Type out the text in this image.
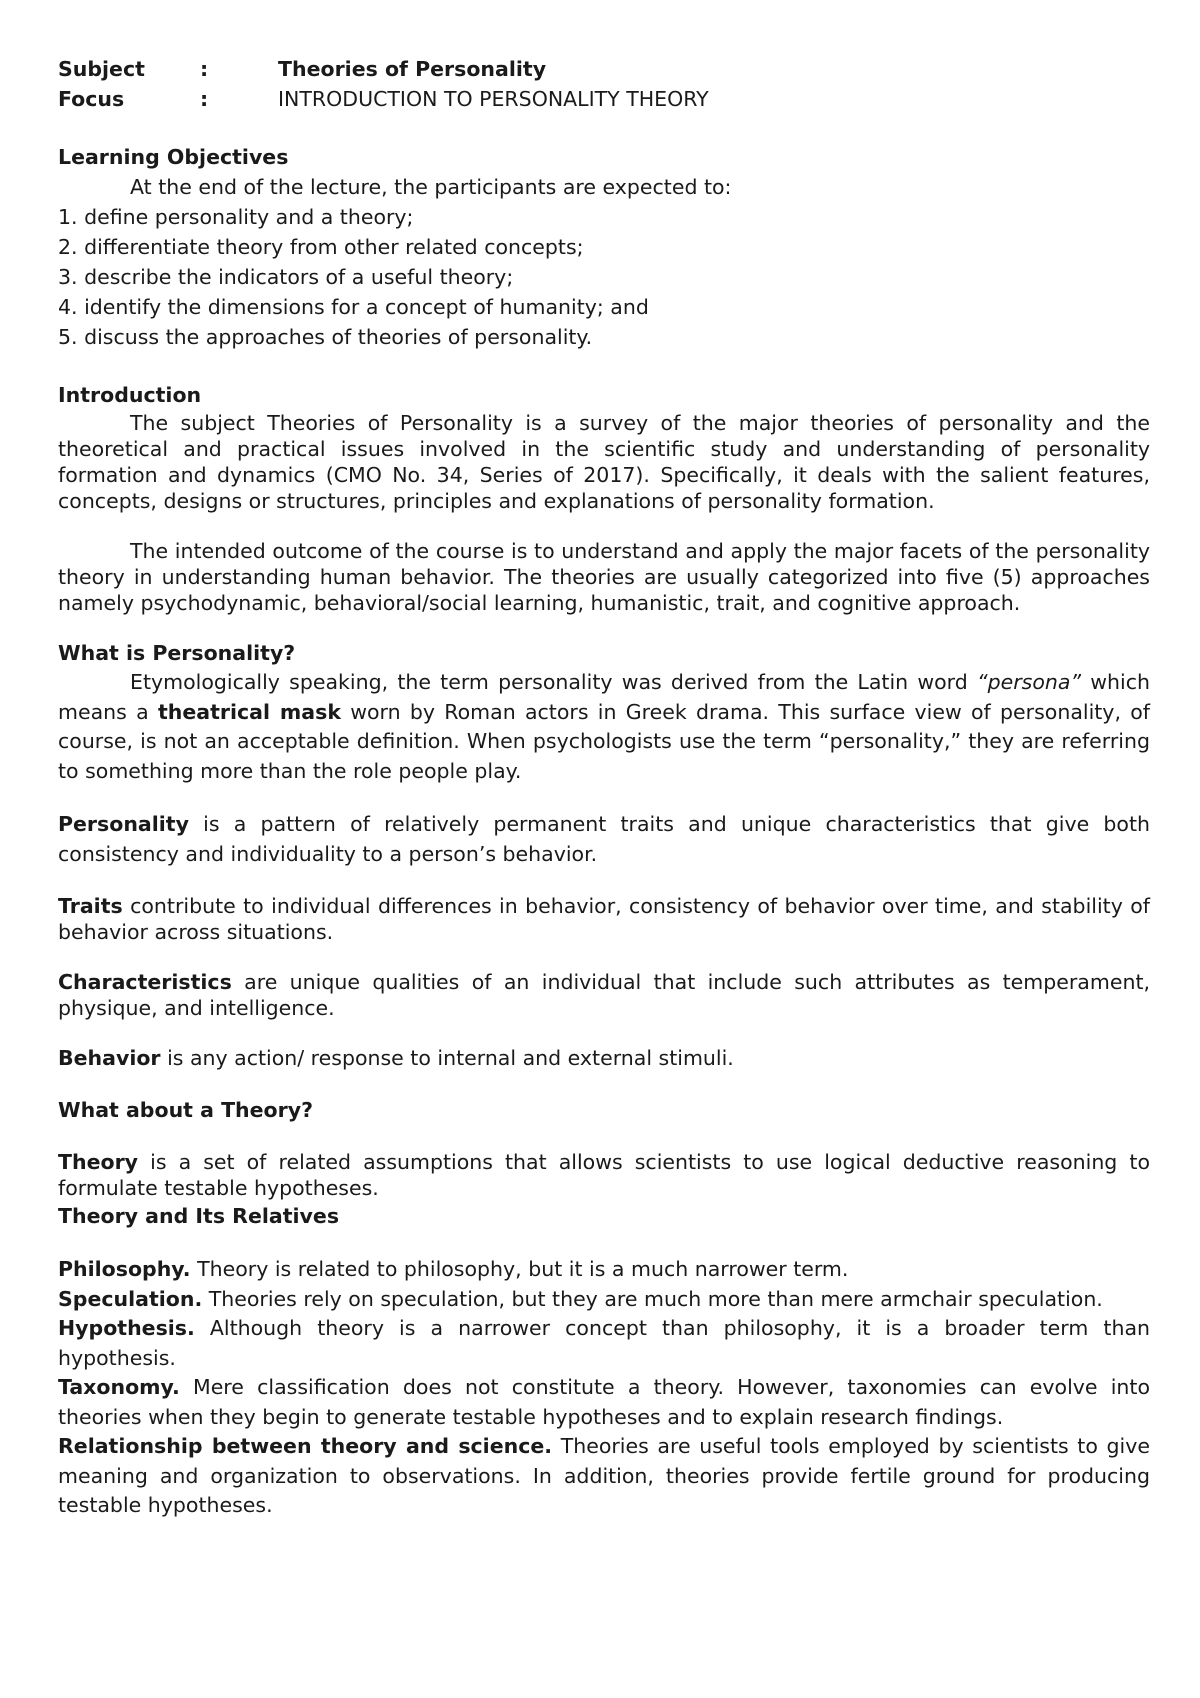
Subject	:	Theories of Personality
Focus	:	INTRODUCTION TO PERSONALITY THEORY
Learning Objectives

At the end of the lecture, the participants are expected to:

1. define personality and a theory;
2. differentiate theory from other related concepts;
3. describe the indicators of a useful theory;
4. identify the dimensions for a concept of humanity; and
5. discuss the approaches of theories of personality.
Introduction

The subject Theories of Personality is a survey of the major theories of personality and the theoretical and practical issues involved in the scientific study and understanding of personality formation and dynamics (CMO No. 34, Series of 2017). Specifically, it deals with the salient features, concepts, designs or structures, principles and explanations of personality formation.

The intended outcome of the course is to understand and apply the major facets of the personality theory in understanding human behavior. The theories are usually categorized into five (5) approaches namely psychodynamic, behavioral/social learning, humanistic, trait, and cognitive approach.

What is Personality?

Etymologically speaking, the term personality was derived from the Latin word “persona” which means a theatrical mask worn by Roman actors in Greek drama. This surface view of personality, of course, is not an acceptable definition. When psychologists use the term “personality,” they are referring to something more than the role people play.

Personality is a pattern of relatively permanent traits and unique characteristics that give both consistency and individuality to a person’s behavior.

Traits contribute to individual differences in behavior, consistency of behavior over time, and stability of behavior across situations.

Characteristics are unique qualities of an individual that include such attributes as temperament, physique, and intelligence.

Behavior is any action/ response to internal and external stimuli.

What about a Theory?

Theory is a set of related assumptions that allows scientists to use logical deductive reasoning to formulate testable hypotheses.

Theory and Its Relatives

Philosophy. Theory is related to philosophy, but it is a much narrower term.

Speculation. Theories rely on speculation, but they are much more than mere armchair speculation.

Hypothesis. Although theory is a narrower concept than philosophy, it is a broader term than hypothesis.

Taxonomy. Mere classification does not constitute a theory. However, taxonomies can evolve into theories when they begin to generate testable hypotheses and to explain research findings.

Relationship between theory and science. Theories are useful tools employed by scientists to give meaning and organization to observations. In addition, theories provide fertile ground for producing testable hypotheses.
